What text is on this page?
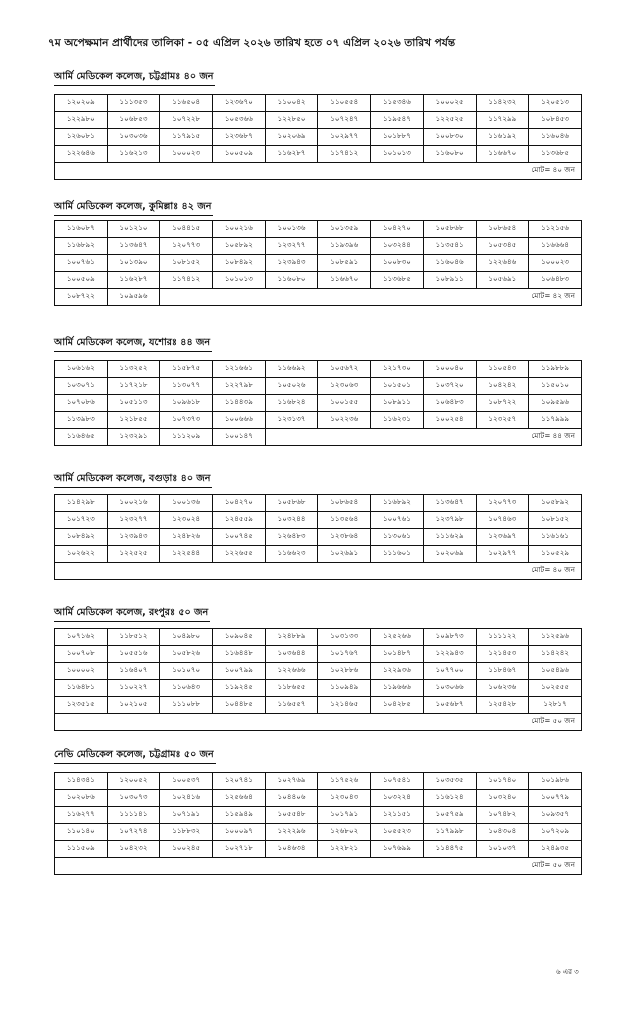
৭ম অপেক্ষমান প্রার্থীদের তালিকা - ০৫ এপ্রিল ২০২৬ তারিখ হতে ০৭ এপ্রিল ২০২৬ তারিখ পর্যন্ত
আর্মি মেডিকেল কলেজ, চট্টগ্রামঃ ৪০ জন
১২০২০৯	১১১৩৫৩	১১৬৫০৪	১২৩৬৭০	১১০০৪২	১১০৫৫৪	১১৫৩৪৬	১০০০২৫	১১৪২৩২	১২০৫১৩
১২২৯৮০	১০৬৮৫৩	১০৭২২৮	১০৫৩৬৬	১২২৮৫০	১০৭২৪৭	১১৯৫৪৭	১২২৫২৫	১১৭২৯৯	১০৮৪৫৩
১২৬০৮১	১০৩০৩৬	১১৭৯১৫	১২৩৬৮৭	১০২০৬৯	১০২৯৭৭	১০১৮৮৭	১০০৮৩০	১১৬১৯২	১১৬০৪৬
১২২৬৪৬	১১৬২১৩	১০০০২৩	১০০৫০৯	১১৬২৮৭	১১৭৪১২	১০১০১৩	১১৬০৮০	১১৬৬৭০	১১৩৬৮৫
মোট= ৪০ জন									
আর্মি মেডিকেল কলেজ, কুমিল্লাঃ ৪২ জন
১১৬০৮৭	১০১২১০	১০৪৪১৫	১০০২১৬	১০০১৩৬	১০১৩৫৯	১০৪২৭০	১০৫৮৬৮	১০৮৬৫৪	১১২১৫৬
১১৬৮৯২	১১৩৬৪৭	১২০৭৭৩	১০৫৮৯২	১২৩২৭৭	১১৯৩৯৬	১০৩২৪৪	১১৩৫৪১	১০৫৩৪৫	১১৬৬৬৪
১০০৭৬১	১০১৩৯০	১০৮১৫২	১০৮৪৯২	১২৩৯৪৩	১০৮৫৯১	১০০৮৩০	১১৬০৪৬	১২২৬৪৬	১০০০২৩
১০০৫০৯	১১৬২৮৭	১১৭৪১২	১০১০১৩	১১৬০৮০	১১৬৬৭০	১১৩৬৮৫	১০৮৯১১	১০৫৬৯১	১০৬৪৮৩
১০৮৭২২	১০৯৫৯৬	মোট= ৪২ জন							
আর্মি মেডিকেল কলেজ, যশোরঃ ৪৪ জন
১০৬১৬২	১১৩২৫২	১১৫৮৭৫	১২১৬৬১	১১৬৬৯২	১০৫৬৭২	১২১৭৩০	১০০০৪০	১১০৫৪৩	১১৯৮৮৯
১০৩০৭১	১১৭২১৮	১১৩০৭৭	১২২৭৯৮	১০৫০২৬	১২৩০৬৩	১০১৫০১	১০৩৭২০	১০৪২৪২	১১৫০১০
১০৭০৮৬	১০৫১১৩	১০৯৬১৮	১১৪৪৩৯	১১৬৮২৪	১০০১৫৫	১০৮৯১১	১০৬৪৮৩	১০৮৭২২	১০৯৫৯৬
১১৩৯৮৩	১২১৮৫৫	১০৭৩৭৩	১০০৬৬৬	১২৩১৩৭	১০২২৩৬	১১৬২৩১	১০০২৫৪	১২৩২৫৭	১১৭৯৯৯
১১৬৪৬৫	১২৩২৯১	১১১২০৯	১০০১৪৭	মোট= ৪৪ জন					
আর্মি মেডিকেল কলেজ, বগুড়াঃ ৪০ জন
১১৪২৯৮	১০০২১৬	১০০১৩৬	১০৪২৭০	১০৫৮৬৮	১০৮৬৫৪	১১৬৮৯২	১১৩৬৪৭	১২০৭৭৩	১০৫৮৯২
১০১৭২৩	১২৩২৭৭	১২৩০২৪	১২৪৫৫৯	১০৩২৪৪	১১৩৫৬৪	১০০৭৬১	১২৩৭৯৮	১০৭৪৬৩	১০৮১৫২
১০৮৪৯২	১২৩৯৪৩	১২৪৮২৬	১০০৭৪৫	১২৬৪৮৩	১২৩৮৬৪	১১৩০৬১	১১১৬২৯	১২৩৬৯৭	১১৬১৬১
১০২৬২২	১২২৫২৫	১২২৫৪৪	১২২৬৫৫	১১৬৬২৩	১০২৬৯১	১১১৬০১	১০২০৬৯	১০২৯৭৭	১১০৫২৯
মোট= ৪০ জন									
আর্মি মেডিকেল কলেজ, রংপুরঃ ৫০ জন
১০৭১৬২	১১৮৫১২	১০৪৯৮০	১০৯০৪৫	১২৪৮৮৯	১০৩১৩৩	১২৫২৬৬	১০৯৮৭৩	১১১১২২	১১২৫৯৬
১০০৭০৮	১০৫৫১৬	১০৫৮২৬	১১৬৪৪৮	১০৩৬৪৪	১০১৭৬৭	১০১৪৮৭	১২২৯৪৩	১২১৪৫৩	১১৪২৪২
১০০০০২	১১৬৪০৭	১০১০৭০	১০০৭৯৯	১২২৬৬৬	১০২৮৮৬	১২২৯৩৬	১০৭৭০০	১১৮৪৬৭	১০৫৪৯৬
১১৬৪৮১	১১০২২৭	১১০৬৪৩	১১৯২৪৫	১১৮৬৫৫	১১০৯৪৯	১১৯৬৬৬	১০৩০৬৬	১০৬২৩৬	১০২৫৫৫
১২৩৫১৫	১০২১০৫	১১১০৮৮	১০৪৪৮৫	১১৬৫৫৭	১২১৪৬৫	১০৪২৮৫	১০৫৬৮৭	১২৫৪২৮	১২৮১৭
মোট= ৫০ জন									
নেভি মেডিকেল কলেজ, চট্টগ্রামঃ ৫০ জন
১১৪৩৪১	১২০০৫২	১০০৫৩৭	১২০৭৪১	১০২৭৬৯	১১৭৫২৬	১০৭৫৪১	১০৩৫৩৫	১০১৭৪০	১০১৯৮৬
১০২০৮৬	১০৩০৭৩	১০২৪১৬	১২৫৬৬৪	১০৪৪০৬	১২৩০৪৩	১০৩২২৪	১১৬১২৪	১০৩২৪০	১০০৭৭৯
১১৬২৭৭	১১১১৪১	১০৭১৯১	১১৫৯৪৯	১০৫৫৪৮	১০১৭৯১	১২১১৫১	১০৫৭৫৯	১০৭৪৮২	১০৯৩৫৭
১১০১৪০	১০৭২৭৪	১১৮৮৩২	১০০০৯৭	১২২২৯৬	১২৬৮০২	১০৫৫২৩	১১৭৯৯৮	১০৪৩০৪	১০৭২০৯
১১১৫০৯	১০৪২৩২	১০০২৪৫	১০২৭১৮	১০৪৬৩৪	১২২৮২১	১০৭৬৯৯	১১৪৪৭৫	১০১০৩৭	১২৪৯৩৫
মোট= ৫০ জন									
৬ এর ৩
